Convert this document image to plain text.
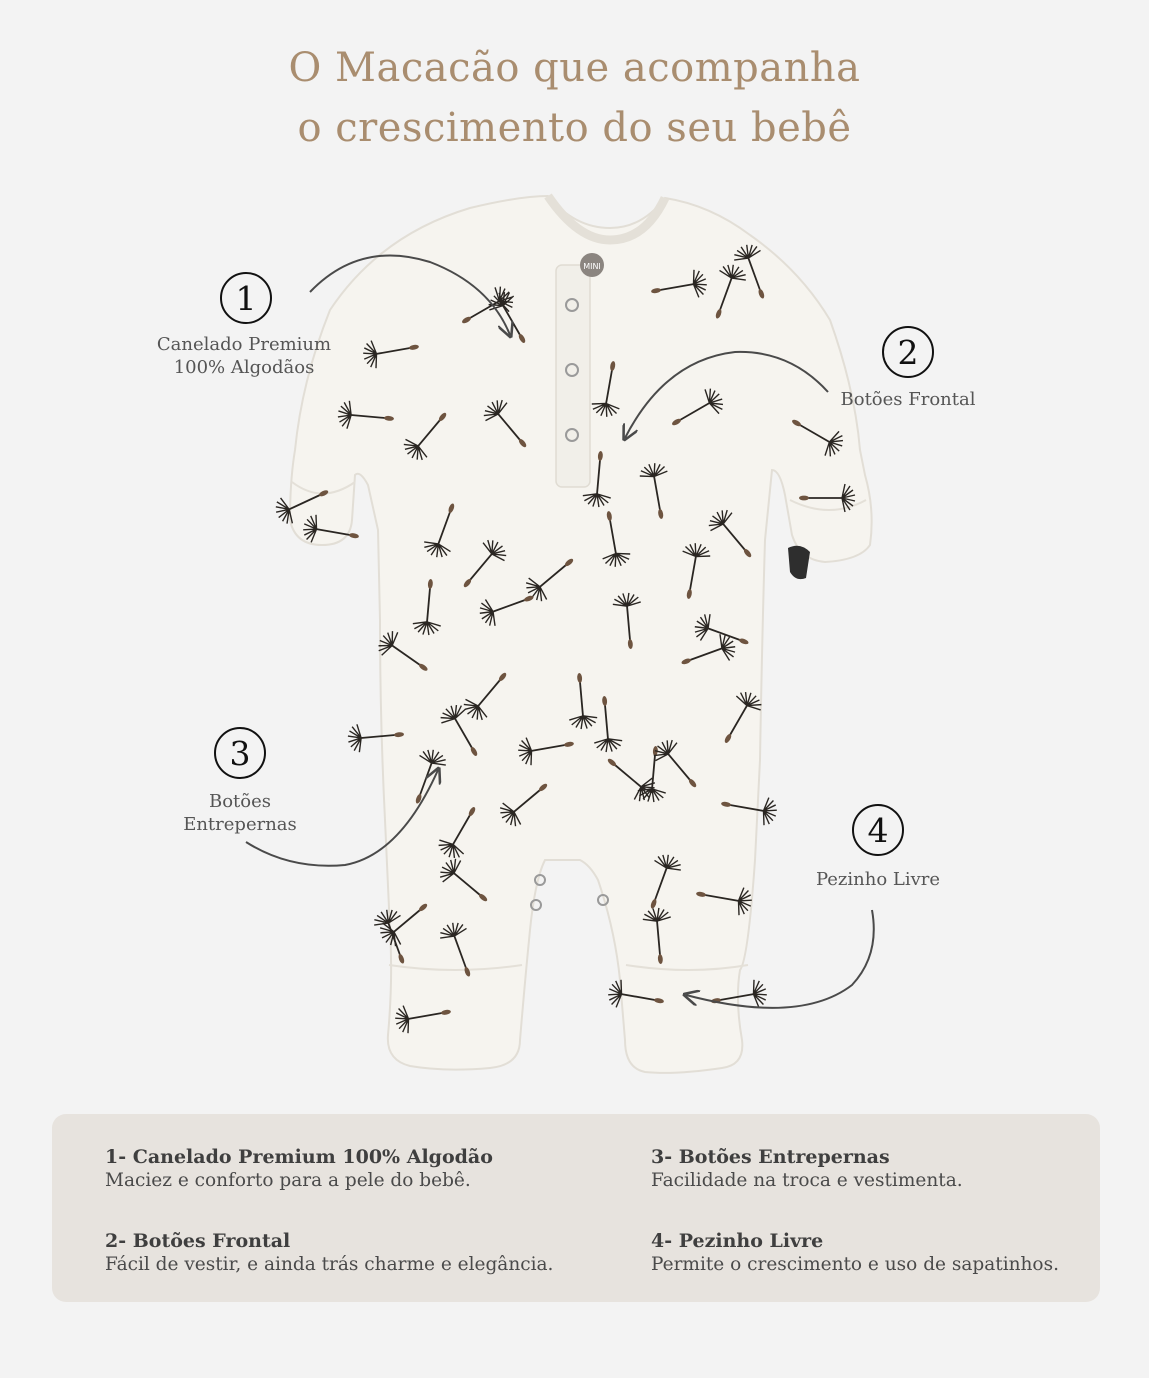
O Macacão que acompanha
o crescimento do seu bebê
MINI
1
Canelado Premium
100% Algodãos	2
Botões Frontal
3
Botões
Entrepernas	4
Pezinho Livre
1- Canelado Premium 100% Algodão
Maciez e conforto para a pele do bebê.
2- Botões Frontal
Fácil de vestir, e ainda trás charme e elegância.
3- Botões Entrepernas
Facilidade na troca e vestimenta.
4- Pezinho Livre
Permite o crescimento e uso de sapatinhos.
